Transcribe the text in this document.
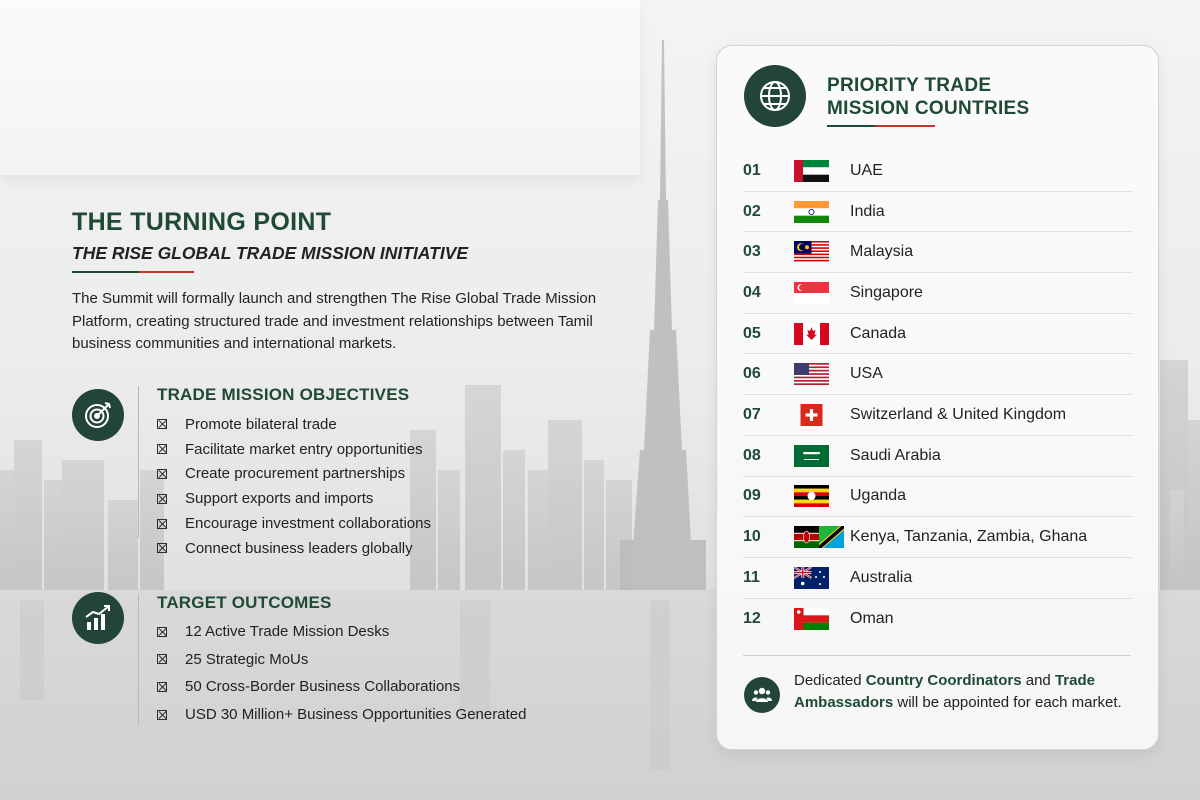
THE TURNING POINT
THE RISE GLOBAL TRADE MISSION INITIATIVE

The Summit will formally launch and strengthen The Rise Global Trade Mission Platform, creating structured trade and investment relationships between Tamil business communities and international markets.

TRADE MISSION OBJECTIVES
Promote bilateral trade
Facilitate market entry opportunities
Create procurement partnerships
Support exports and imports
Encourage investment collaborations
Connect business leaders globally
TARGET OUTCOMES
12 Active Trade Mission Desks
25 Strategic MoUs
50 Cross-Border Business Collaborations
USD 30 Million+ Business Opportunities Generated
PRIORITY TRADE
MISSION COUNTRIES
01	UAE
02	India
03	Malaysia
04	Singapore
05	Canada
06	USA
07	Switzerland & United Kingdom
08	Saudi Arabia
09	Uganda
10	Kenya, Tanzania, Zambia, Ghana
11	Australia
12	Oman
Dedicated Country Coordinators and Trade Ambassadors will be appointed for each market.
